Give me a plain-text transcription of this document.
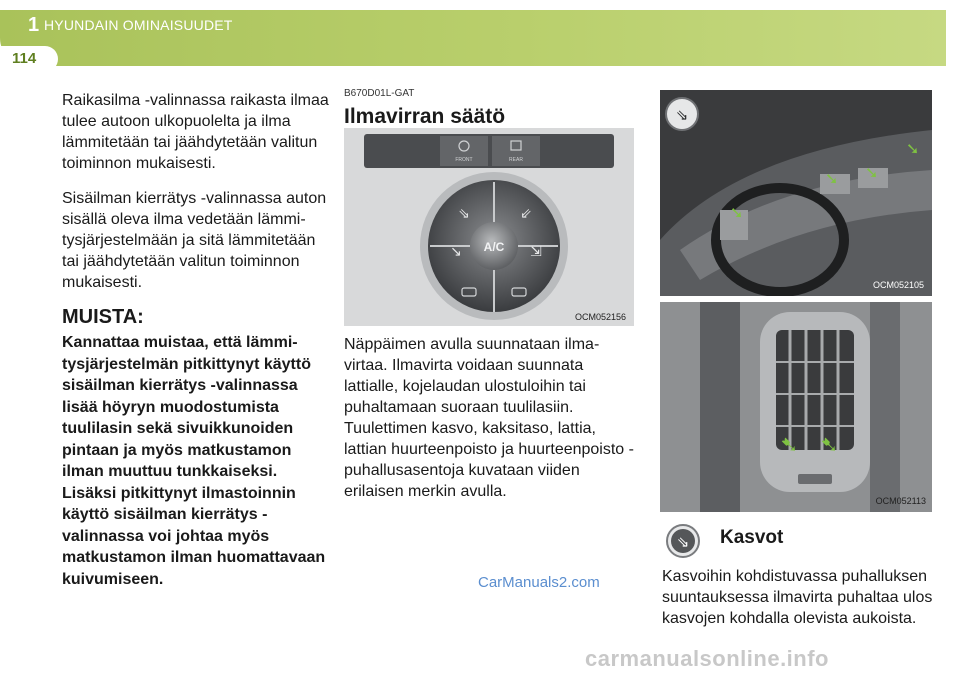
1 HYUNDAIN OMINAISUUDET
114

Raikasilma -valinnassa raikasta ilmaa tulee autoon ulkopuolelta ja ilma lämmitetään tai jäähdytetään valitun toiminnon mukaisesti.

Sisäilman kierrätys -valinnassa auton sisällä oleva ilma vedetään lämmitysjärjestelmään ja sitä lämmitetään tai jäähdytetään valitun toiminnon mukaisesti.

MUISTA:
Kannattaa muistaa, että lämmitysjärjestelmän pitkittynyt käyttö sisäilman kierrätys -valinnassa lisää höyryn muodostumista tuulilasin sekä sivuikkunoiden pintaan ja myös matkustamon ilman muuttuu tunkkaiseksi. Lisäksi pitkittynyt ilmastoinnin käyttö sisäilman kierrätys -valinnassa voi johtaa myös matkustamon ilman huomattavaan kuivumiseen.
B670D01L-GAT
Ilmavirran säätö
FRONT	REAR
⇘	⇙
↘	⇲
A/C
OCM052156
Näppäimen avulla suunnataan ilmavirtaa. Ilmavirta voidaan suunnata lattialle, kojelaudan ulostuloihin tai puhaltamaan suoraan tuulilasiin. Tuulettimen kasvo, kaksitaso, lattia, lattian huurteenpoisto ja huurteenpoisto -puhallusasentoja kuvataan viiden erilaisen merkin avulla.
CarManuals2.com
➘
➘ ➘
➘
⇘
OCM052105
➷ ➷
OCM052113
⇘ Kasvot
Kasvoihin kohdistuvassa puhalluksen suuntauksessa ilmavirta puhaltaa ulos kasvojen kohdalla olevista aukoista.
carmanualsonline.info
